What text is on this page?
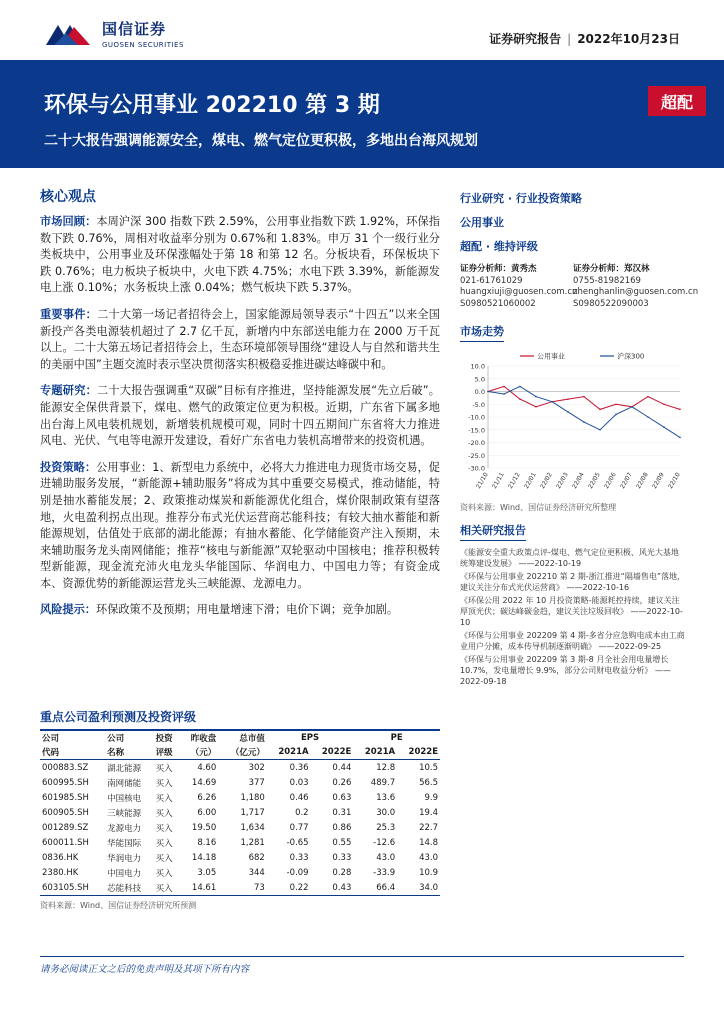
国信证券
GUOSEN SECURITIES	证券研究报告 | 2022年10月23日
环保与公用事业 202210 第 3 期
二十大报告强调能源安全，煤电、燃气定位更积极，多地出台海风规划
超配
核心观点
市场回顾：本周沪深 300 指数下跌 2.59%，公用事业指数下跌 1.92%，环保指数下跌 0.76%，周相对收益率分别为 0.67%和 1.83%。申万 31 个一级行业分类板块中，公用事业及环保涨幅处于第 18 和第 12 名。分板块看，环保板块下跌 0.76%；电力板块子板块中，火电下跌 4.75%；水电下跌 3.39%，新能源发电上涨 0.10%；水务板块上涨 0.04%；燃气板块下跌 5.37%。
重要事件：二十大第一场记者招待会上，国家能源局领导表示“十四五”以来全国新投产各类电源装机超过了 2.7 亿千瓦，新增内中东部送电能力在 2000 万千瓦以上。二十大第五场记者招待会上，生态环境部领导围绕“建设人与自然和谐共生的美丽中国”主题交流时表示坚决贯彻落实积极稳妥推进碳达峰碳中和。
专题研究：二十大报告强调重“双碳”目标有序推进，坚持能源发展“先立后破”。能源安全保供背景下，煤电、燃气的政策定位更为积极。近期，广东省下属多地出台海上风电装机规划，新增装机规模可观，同时十四五期间广东省将大力推进风电、光伏、气电等电源开发建设，看好广东省电力装机高增带来的投资机遇。
投资策略：公用事业：1、新型电力系统中，必将大力推进电力现货市场交易，促进辅助服务发展，“新能源+辅助服务”将成为其中重要交易模式，推动储能，特别是抽水蓄能发展；2、政策推动煤炭和新能源优化组合，煤价限制政策有望落地，火电盈利拐点出现。推荐分布式光伏运营商芯能科技；有较大抽水蓄能和新能源规划，估值处于底部的湖北能源；有抽水蓄能、化学储能资产注入预期，未来辅助服务龙头南网储能；推荐“核电与新能源”双轮驱动中国核电；推荐积极转型新能源，现金流充沛火电龙头华能国际、华润电力、中国电力等；有资金成本、资源优势的新能源运营龙头三峡能源、龙源电力。
风险提示：环保政策不及预期；用电量增速下滑；电价下调；竞争加剧。
行业研究 · 行业投资策略
公用事业
超配 · 维持评级
证券分析师：黄秀杰
021-61761029
huangxiuji@guosen.com.cn
S0980521060002
证券分析师：郑汉林
0755-81982169
zhenghanlin@guosen.com.cn
S0980522090003
市场走势
10.0
5.0
0.0
-5.0
-10.0
-15.0
-20.0
-25.0
-30.0
21/10 21/11 21/12 22/01 22/02 22/03 22/04 22/05 22/06 22/07 22/08 22/09 22/10
公用事业	沪深300
资料来源：Wind、国信证券经济研究所整理
相关研究报告
《能源安全重大政策点评-煤电、燃气定位更积极、风光大基地统筹建设发展》 ——2022-10-19
《环保与公用事业 202210 第 2 期-浙江推进“隔墙售电”落地，建议关注分布式光伏运营商》 ——2022-10-16
《环保公用 2022 年 10 月投资策略-能源耗控持续，建议关注厚顶光伏；碳达峰碳金趋，建议关注垃圾回收》 ——2022-10-10
《环保与公用事业 202209 第 4 期-多省分应急购电成本由工商业用户分摊，成本传导机制逐渐明确》 ——2022-09-25
《环保与公用事业 202209 第 3 期-8 月全社会用电量增长 10.7%，发电量增长 9.9%，部分公司财电收益分析》 ——2022-09-18
重点公司盈利预测及投资评级
公司	公司	投资	昨收盘	总市值	EPS		PE	
代码	名称	评级	（元）	（亿元）	2021A	2022E	2021A	2022E
000883.SZ	湖北能源	买入	4.60	302	0.36	0.44	12.8	10.5
600995.SH	南网储能	买入	14.69	377	0.03	0.26	489.7	56.5
601985.SH	中国核电	买入	6.26	1,180	0.46	0.63	13.6	9.9
600905.SH	三峡能源	买入	6.00	1,717	0.2	0.31	30.0	19.4
001289.SZ	龙源电力	买入	19.50	1,634	0.77	0.86	25.3	22.7
600011.SH	华能国际	买入	8.16	1,281	-0.65	0.55	-12.6	14.8
0836.HK	华润电力	买入	14.18	682	0.33	0.33	43.0	43.0
2380.HK	中国电力	买入	3.05	344	-0.09	0.28	-33.9	10.9
603105.SH	芯能科技	买入	14.61	73	0.22	0.43	66.4	34.0
资料来源：Wind、国信证券经济研究所预测
请务必阅读正文之后的免责声明及其项下所有内容
